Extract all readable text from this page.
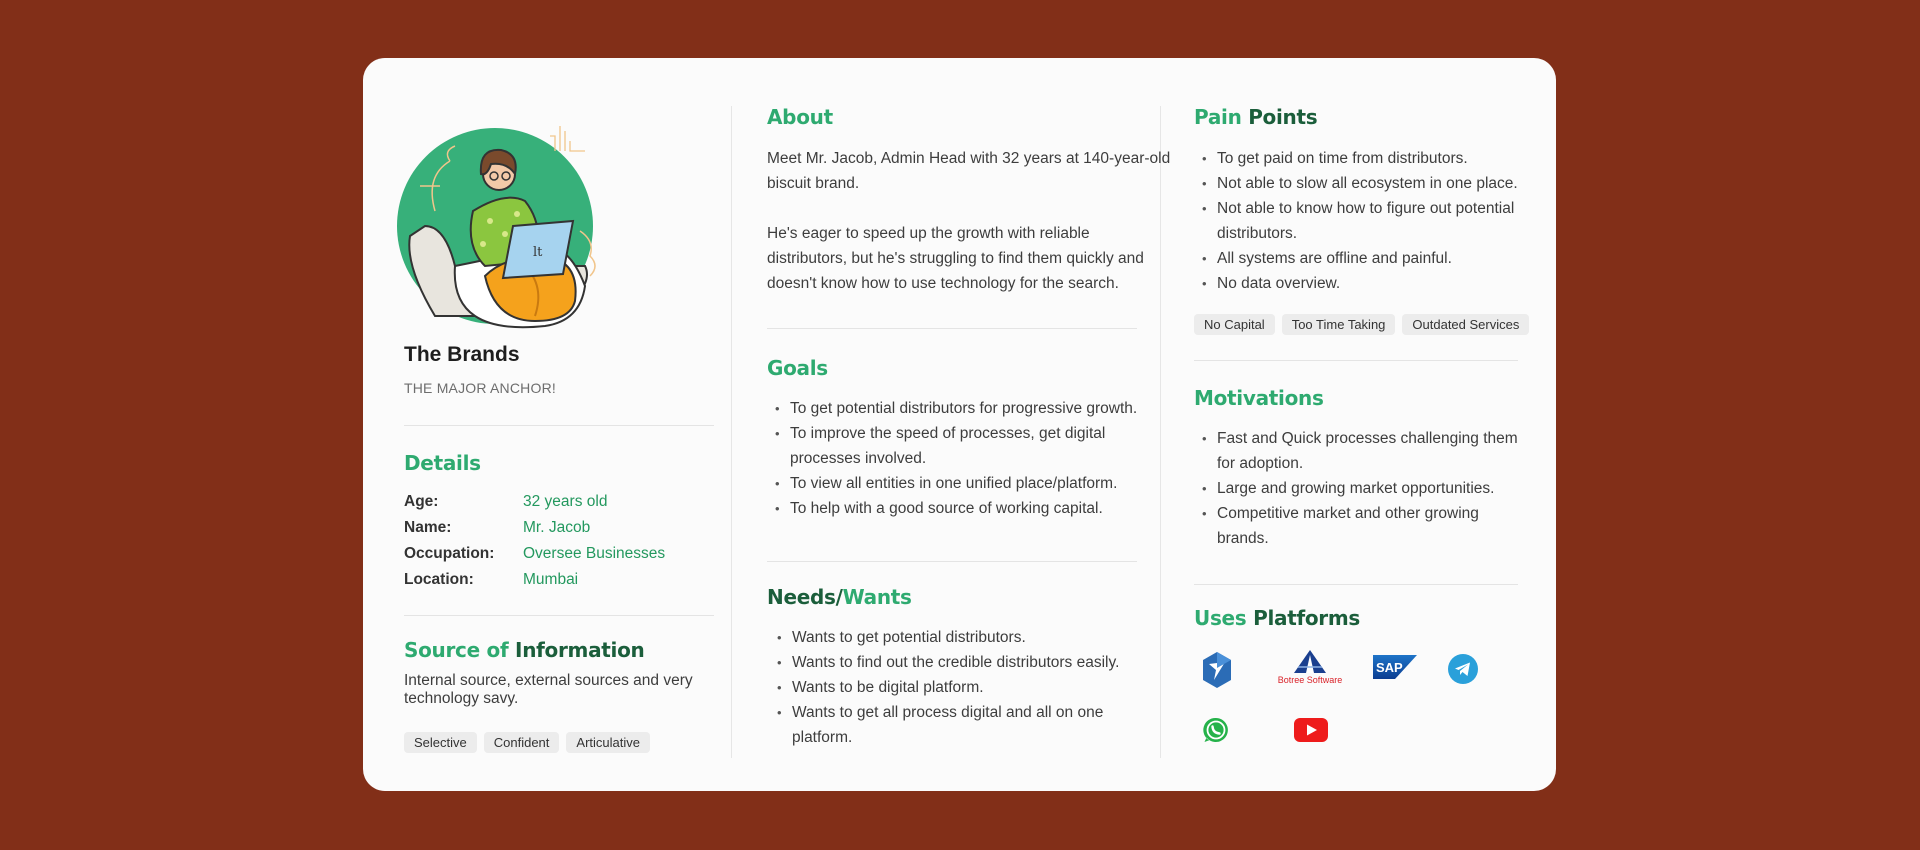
lt
The Brands
THE MAJOR ANCHOR!
Details
Age:	32 years old
Name:	Mr. Jacob
Occupation:	Oversee Businesses
Location:	Mumbai
Source of Information
Internal source, external sources and very technology savy.
Selective	Confident	Articulative
About
Meet Mr. Jacob, Admin Head with 32 years at 140-year-old biscuit brand.
He's eager to speed up the growth with reliable distributors, but he's struggling to find them quickly and doesn't know how to use technology for the search.
Goals
• To get potential distributors for progressive growth.
• To improve the speed of processes, get digital processes involved.
• To view all entities in one unified place/platform.
• To help with a good source of working capital.
Needs/Wants
• Wants to get potential distributors.
• Wants to find out the credible distributors easily.
• Wants to be digital platform.
• Wants to get all process digital and all on one platform.
Pain Points
• To get paid on time from distributors.
• Not able to slow all ecosystem in one place.
• Not able to know how to figure out potential distributors.
• All systems are offline and painful.
• No data overview.
No Capital	Too Time Taking	Outdated Services
Motivations
• Fast and Quick processes challenging them for adoption.
• Large and growing market opportunities.
• Competitive market and other growing brands.
Uses Platforms
Botree Software
SAP
